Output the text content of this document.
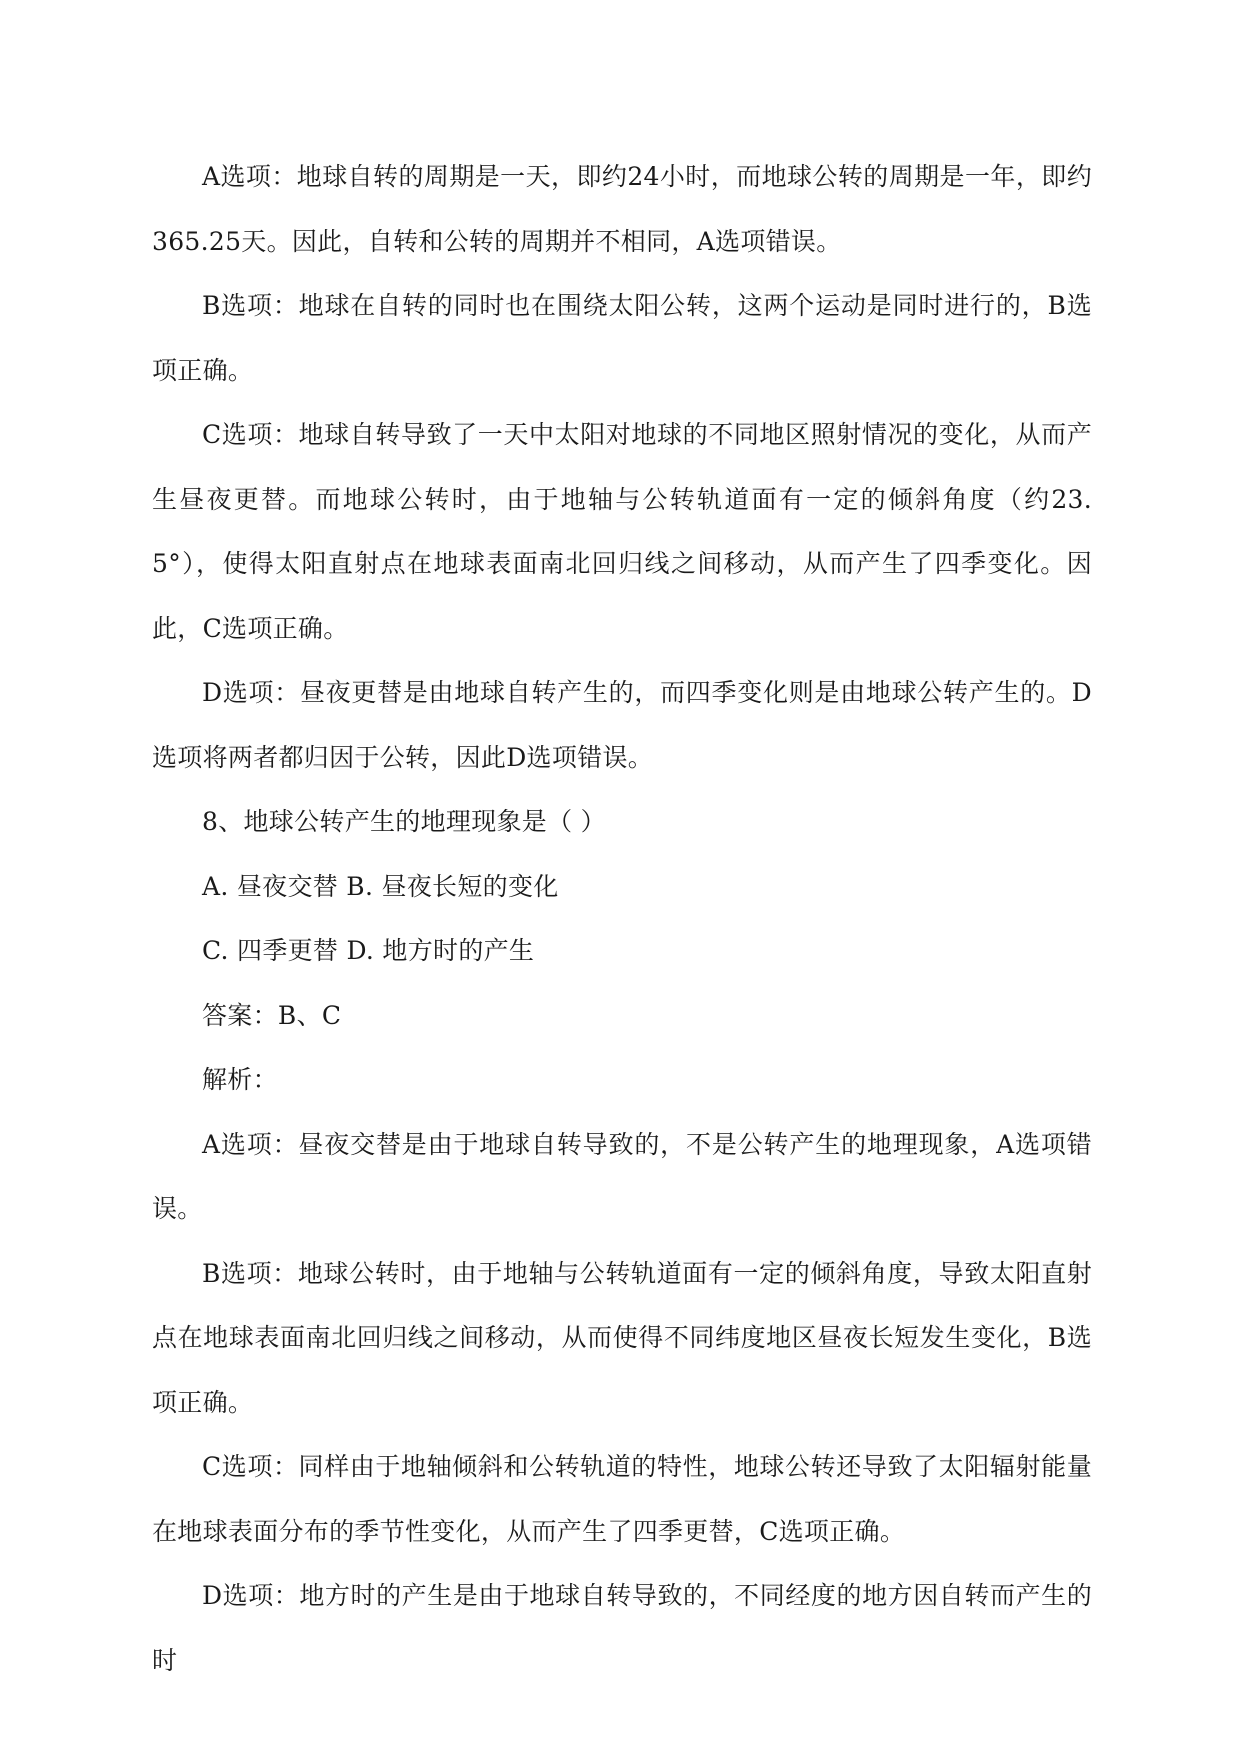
A选项：地球自转的周期是一天，即约24小时，而地球公转的周期是一年，即约365.25天。因此，自转和公转的周期并不相同，A选项错误。

B选项：地球在自转的同时也在围绕太阳公转，这两个运动是同时进行的，B选项正确。

C选项：地球自转导致了一天中太阳对地球的不同地区照射情况的变化，从而产生昼夜更替。而地球公转时，由于地轴与公转轨道面有一定的倾斜角度（约23.5°），使得太阳直射点在地球表面南北回归线之间移动，从而产生了四季变化。因此，C选项正确。

D选项：昼夜更替是由地球自转产生的，而四季变化则是由地球公转产生的。D选项将两者都归因于公转，因此D选项错误。

8、地球公转产生的地理现象是（ ）

A. 昼夜交替 B. 昼夜长短的变化

C. 四季更替 D. 地方时的产生

答案：B、C

解析：

A选项：昼夜交替是由于地球自转导致的，不是公转产生的地理现象，A选项错误。

B选项：地球公转时，由于地轴与公转轨道面有一定的倾斜角度，导致太阳直射点在地球表面南北回归线之间移动，从而使得不同纬度地区昼夜长短发生变化，B选项正确。

C选项：同样由于地轴倾斜和公转轨道的特性，地球公转还导致了太阳辐射能量在地球表面分布的季节性变化，从而产生了四季更替，C选项正确。

D选项：地方时的产生是由于地球自转导致的，不同经度的地方因自转而产生的时
